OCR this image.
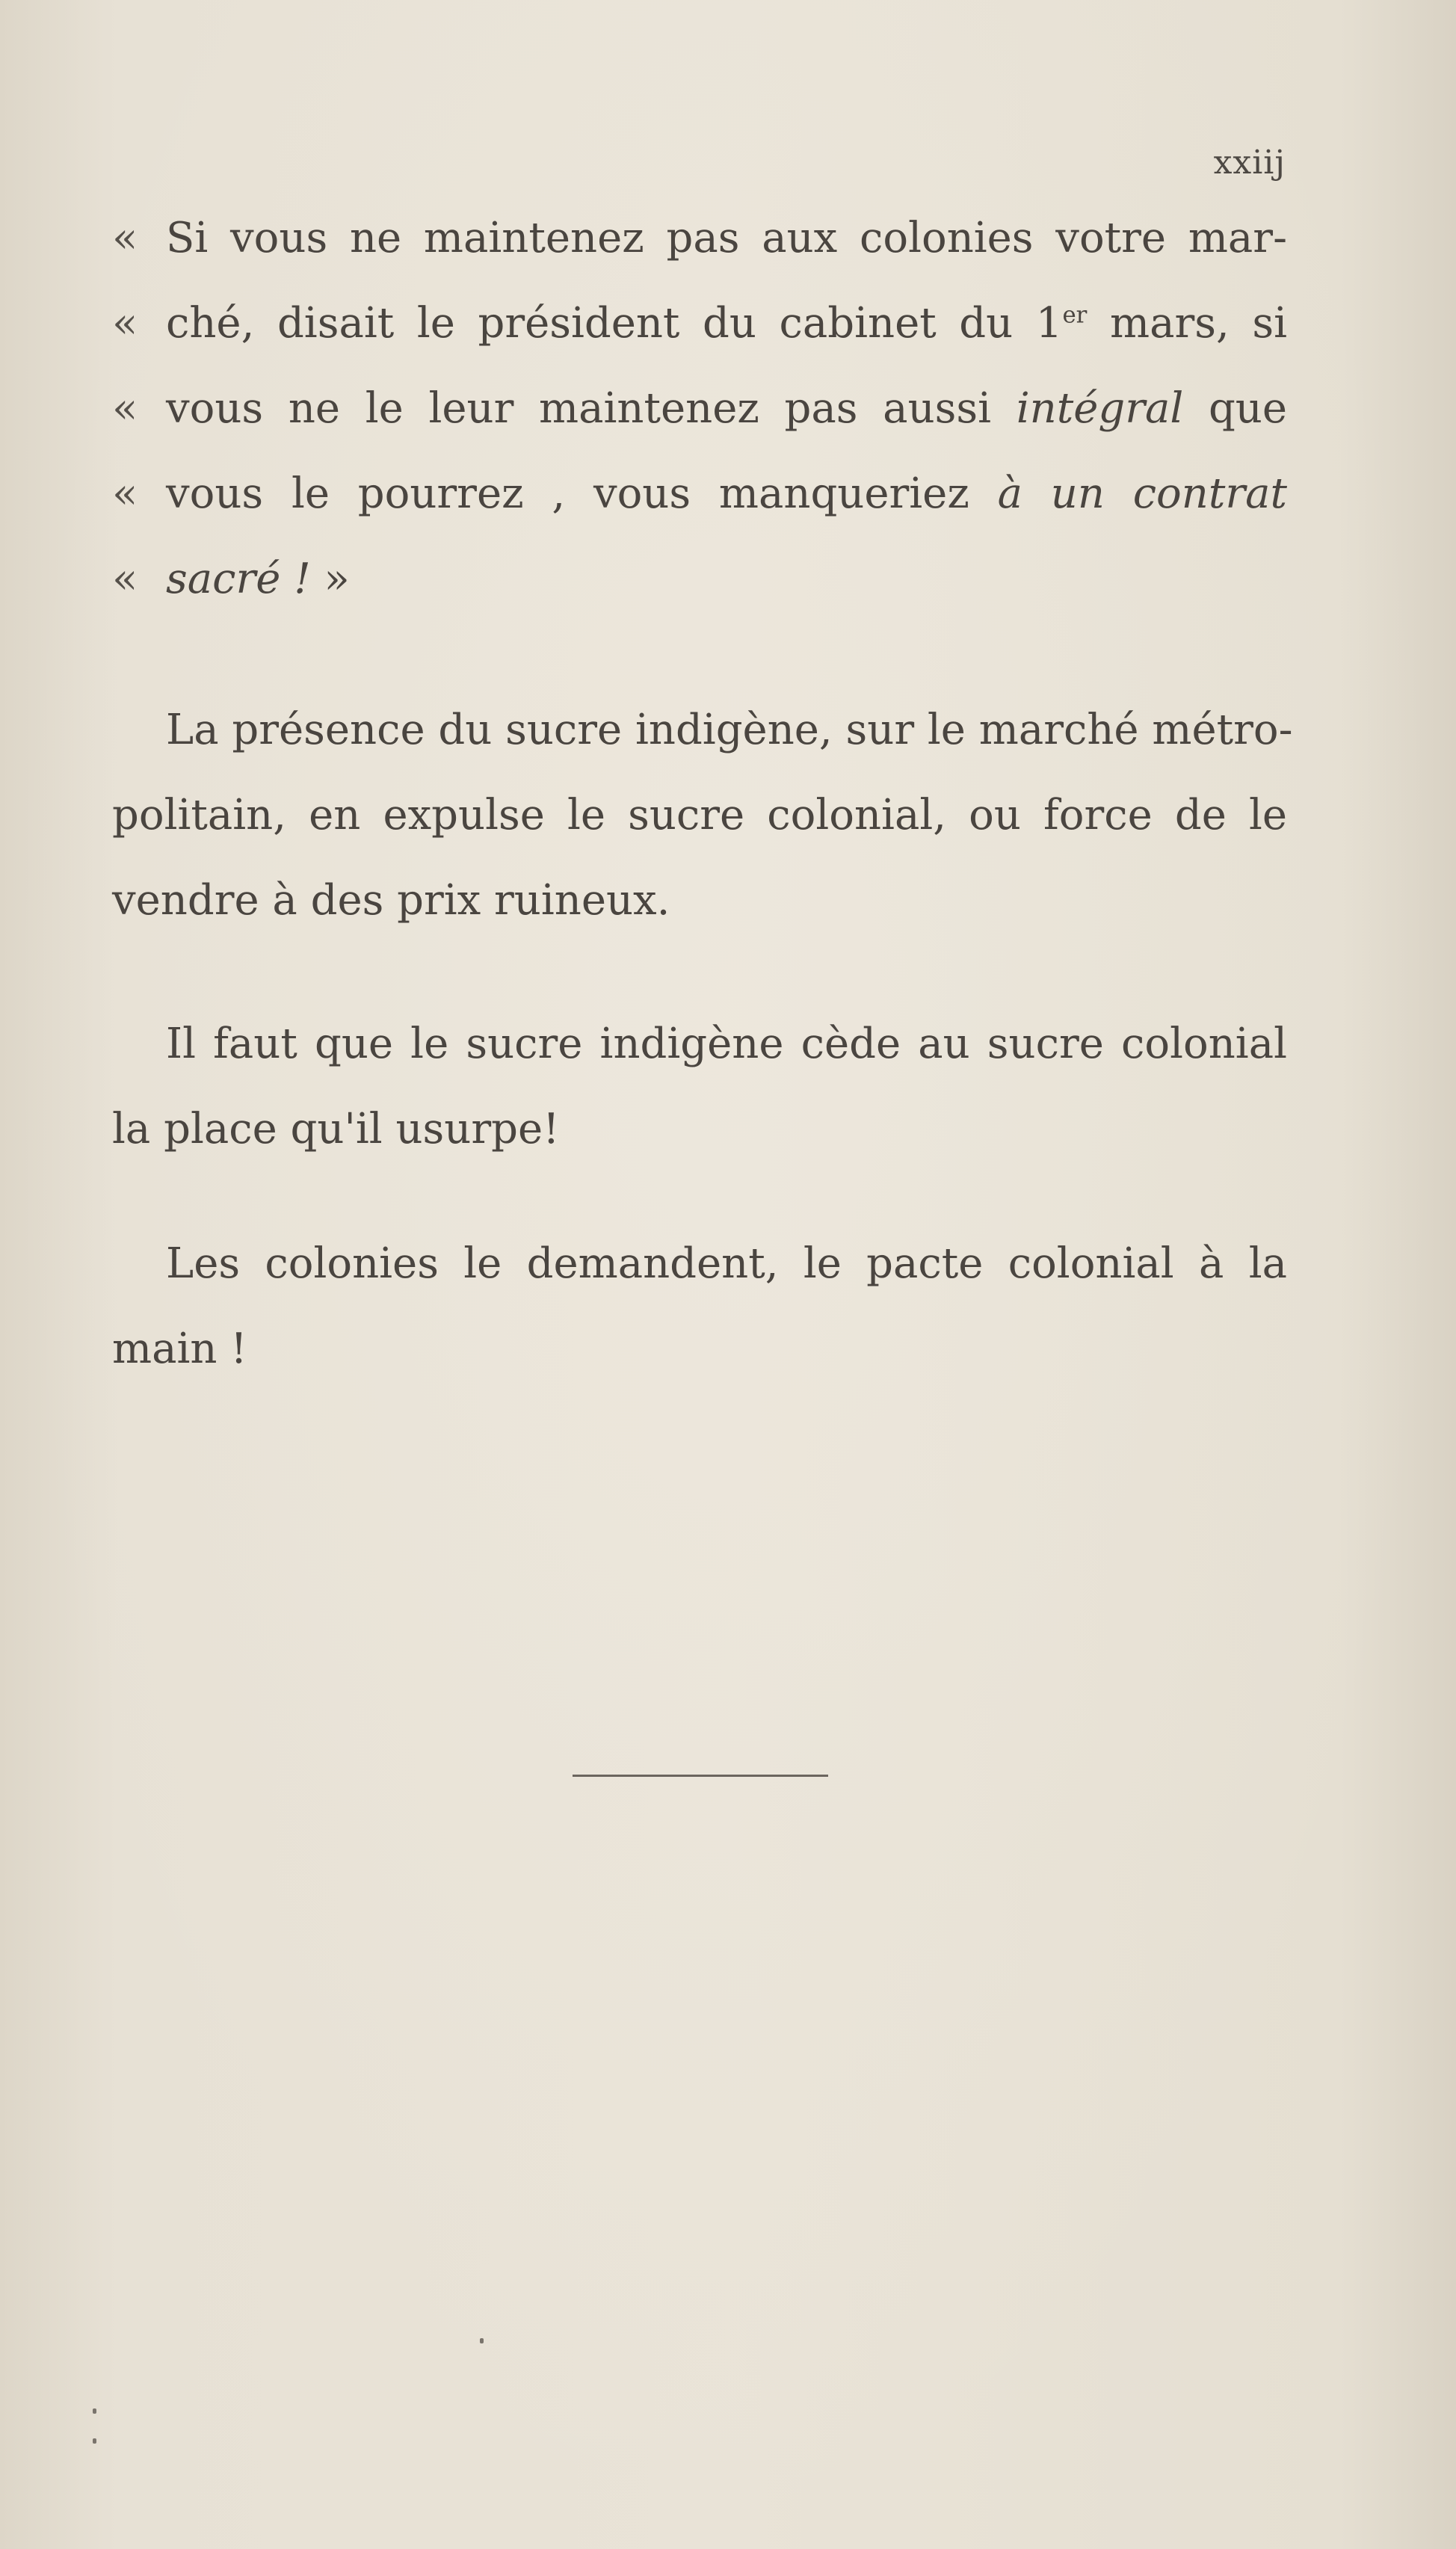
xxiij
« Si vous ne maintenez pas aux colonies votre mar-
« ché, disait le président du cabinet du 1er mars, si
« vous ne le leur maintenez pas aussi intégral que
« vous le pourrez , vous manqueriez à un contrat
« sacré ! »
La présence du sucre indigène, sur le marché métro-
politain, en expulse le sucre colonial, ou force de le
vendre à des prix ruineux.
Il faut que le sucre indigène cède au sucre colonial
la place qu'il usurpe!
Les colonies le demandent, le pacte colonial à la
main !
